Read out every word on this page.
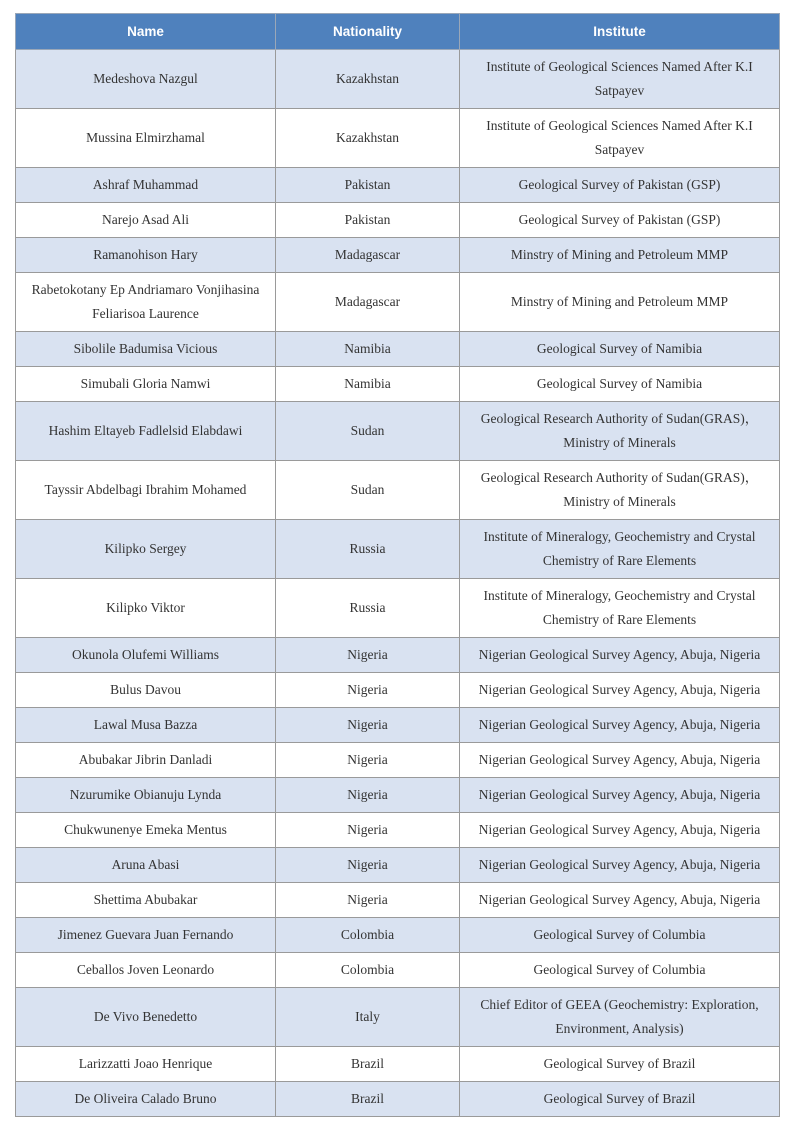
Name	Nationality	Institute
Medeshova Nazgul	Kazakhstan	Institute of Geological Sciences Named After K.I Satpayev
Mussina Elmirzhamal	Kazakhstan	Institute of Geological Sciences Named After K.I Satpayev
Ashraf Muhammad	Pakistan	Geological Survey of Pakistan (GSP)
Narejo Asad Ali	Pakistan	Geological Survey of Pakistan (GSP)
Ramanohison Hary	Madagascar	Minstry of Mining and Petroleum MMP
Rabetokotany Ep Andriamaro Vonjihasina Feliarisoa Laurence	Madagascar	Minstry of Mining and Petroleum MMP
Sibolile Badumisa Vicious	Namibia	Geological Survey of Namibia
Simubali Gloria Namwi	Namibia	Geological Survey of Namibia
Hashim Eltayeb Fadlelsid Elabdawi	Sudan	Geological Research Authority of Sudan(GRAS)， Ministry of Minerals
Tayssir Abdelbagi Ibrahim Mohamed	Sudan	Geological Research Authority of Sudan(GRAS)， Ministry of Minerals
Kilipko Sergey	Russia	Institute of Mineralogy, Geochemistry and Crystal Chemistry of Rare Elements
Kilipko Viktor	Russia	Institute of Mineralogy, Geochemistry and Crystal Chemistry of Rare Elements
Okunola Olufemi Williams	Nigeria	Nigerian Geological Survey Agency, Abuja, Nigeria
Bulus Davou	Nigeria	Nigerian Geological Survey Agency, Abuja, Nigeria
Lawal Musa Bazza	Nigeria	Nigerian Geological Survey Agency, Abuja, Nigeria
Abubakar Jibrin Danladi	Nigeria	Nigerian Geological Survey Agency, Abuja, Nigeria
Nzurumike Obianuju Lynda	Nigeria	Nigerian Geological Survey Agency, Abuja, Nigeria
Chukwunenye Emeka Mentus	Nigeria	Nigerian Geological Survey Agency, Abuja, Nigeria
Aruna Abasi	Nigeria	Nigerian Geological Survey Agency, Abuja, Nigeria
Shettima Abubakar	Nigeria	Nigerian Geological Survey Agency, Abuja, Nigeria
Jimenez Guevara Juan Fernando	Colombia	Geological Survey of Columbia
Ceballos Joven Leonardo	Colombia	Geological Survey of Columbia
De Vivo Benedetto	Italy	Chief Editor of GEEA (Geochemistry: Exploration, Environment, Analysis)
Larizzatti Joao Henrique	Brazil	Geological Survey of Brazil
De Oliveira Calado Bruno	Brazil	Geological Survey of Brazil
